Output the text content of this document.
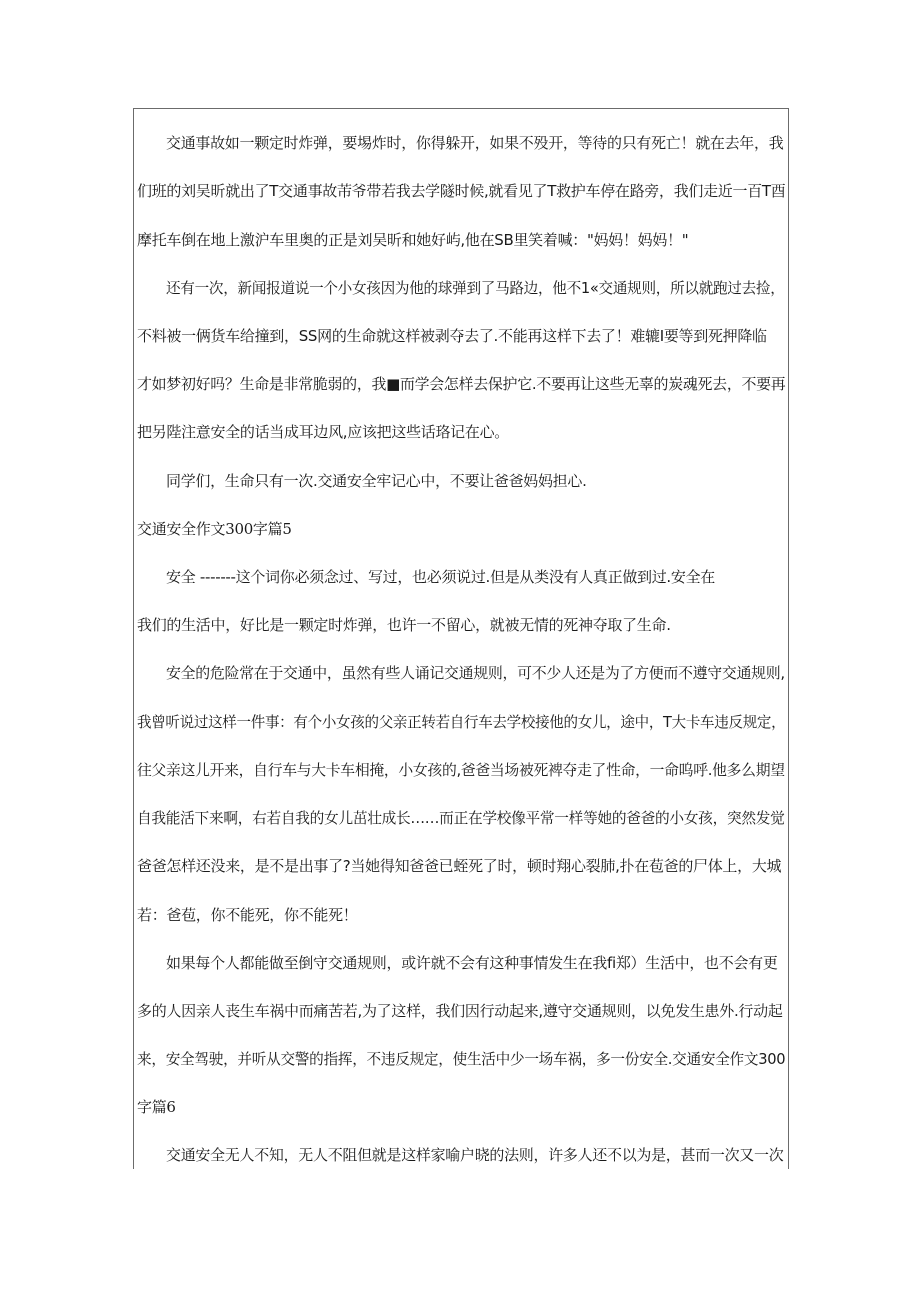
交通事故如一颗定时炸弹，要埸炸时，你得躲开，如果不殁开，等待的只有死亡！就在去年，我
们班的刘吴昕就出了T交通事故芾爷带若我去学隧时候,就看见了T救护车停在路旁，我们走近一百T酉
摩托车倒在地上激沪车里奥的正是刘吴昕和她好屿,他在SB里笑着喊："妈妈！妈妈！"
还有一次，新闻报道说一个小女孩因为他的球弹到了马路边，他不1«交通规则，所以就跑过去捡，
不料被一俩货车给撞到，SS网的生命就这样被剥夺去了.不能再这样下去了！难辘I要等到死押降临
才如梦初好吗？生命是非常脆弱的，我■而学会怎样去保护它.不要再让这些无辜的炭魂死去，不要再
把另陛注意安全的话当成耳边风,应该把这些话珞记在心。
同学们，生命只有一次.交通安全牢记心中，不要让爸爸妈妈担心.
交通安全作文300字篇5
安全 -------这个词你必须念过、写过，也必须说过.但是从类没有人真正做到过.安全在
我们的生活中，好比是一颗定时炸弹，也许一不留心，就被无情的死神夺取了生命.
安全的危险常在于交通中，虽然有些人诵记交通规则，可不少人还是为了方便而不遵守交通规则,
我曾听说过这样一件事：有个小女孩的父亲正转若自行车去学校接他的女儿，途中，T大卡车违反规定，
往父亲这儿开来，自行车与大卡车相掩，小女孩的,爸爸当场被死裨夺走了性命，一命呜呼.他多么期望
自我能活下来啊，右若自我的女儿茁壮成长……而正在学校像平常一样等她的爸爸的小女孩，突然发觉
爸爸怎样还没来，是不是出事了?当她得知爸爸已蛭死了时，顿时翔心裂肺,扑在苞爸的尸体上，大城
若：爸苞，你不能死，你不能死！
如果每个人都能做至倒守交通规则，或许就不会有这种事情发生在我fi郑）生活中，也不会有更
多的人因亲人丧生车祸中而痛苦若,为了这样，我们因行动起来,遵守交通规则，以免发生患外.行动起
来，安全驾驶，并听从交警的指挥，不违反规定，使生活中少一场车祸，多一份安全.交通安全作文300
字篇6
交通安全无人不知，无人不阻但就是这样家喻户晓的法则，许多人还不以为是，甚而一次又一次
